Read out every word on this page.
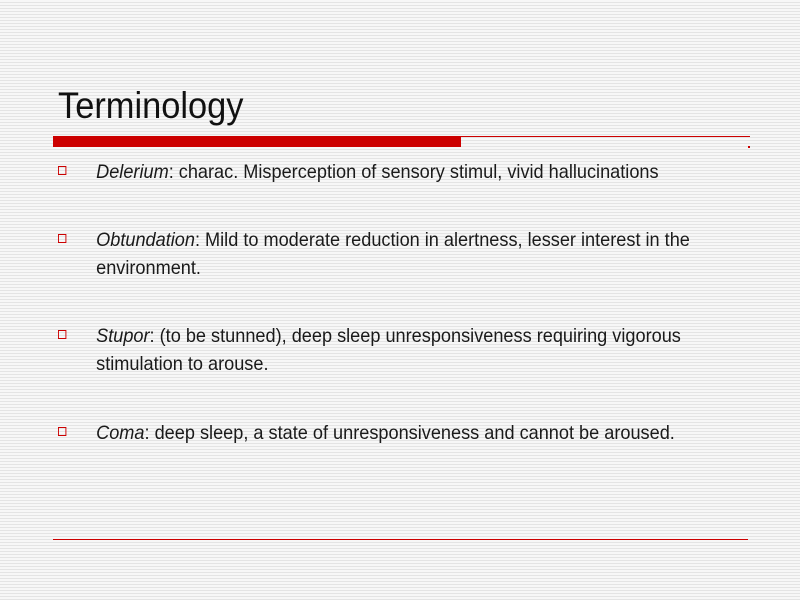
Terminology
Delerium: charac. Misperception of sensory stimul, vivid hallucinations
Obtundation: Mild to moderate reduction in alertness, lesser interest in the environment.
Stupor: (to be stunned), deep sleep unresponsiveness requiring vigorous stimulation to arouse.
Coma: deep sleep, a state of unresponsiveness and cannot be aroused.
